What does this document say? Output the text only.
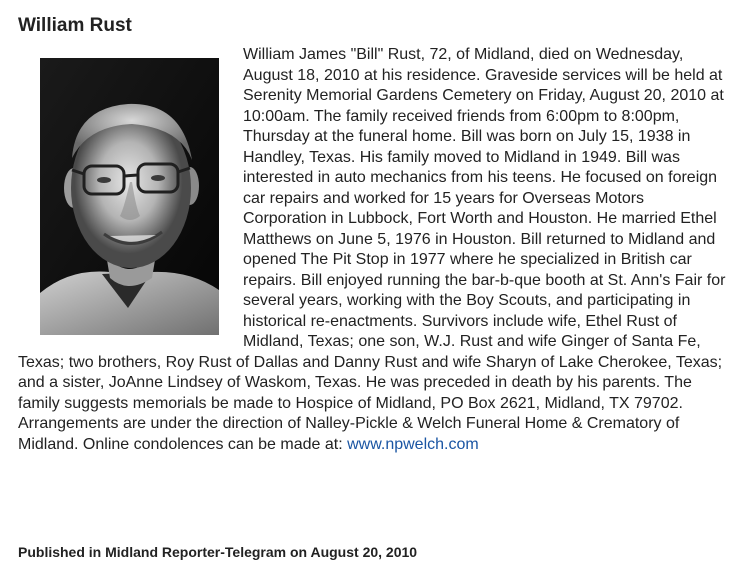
William Rust

William James "Bill" Rust, 72, of Midland, died on Wednesday, August 18, 2010 at his residence. Graveside services will be held at Serenity Memorial Gardens Cemetery on Friday, August 20, 2010 at 10:00am. The family received friends from 6:00pm to 8:00pm, Thursday at the funeral home. Bill was born on July 15, 1938 in Handley, Texas. His family moved to Midland in 1949. Bill was interested in auto mechanics from his teens. He focused on foreign car repairs and worked for 15 years for Overseas Motors Corporation in Lubbock, Fort Worth and Houston. He married Ethel Matthews on June 5, 1976 in Houston. Bill returned to Midland and opened The Pit Stop in 1977 where he specialized in British car repairs. Bill enjoyed running the bar-b-que booth at St. Ann's Fair for several years, working with the Boy Scouts, and participating in historical re-enactments. Survivors include wife, Ethel Rust of Midland, Texas; one son, W.J. Rust and wife Ginger of Santa Fe, Texas; two brothers, Roy Rust of Dallas and Danny Rust and wife Sharyn of Lake Cherokee, Texas; and a sister, JoAnne Lindsey of Waskom, Texas. He was preceded in death by his parents. The family suggests memorials be made to Hospice of Midland, PO Box 2621, Midland, TX 79702. Arrangements are under the direction of Nalley-Pickle & Welch Funeral Home & Crematory of Midland. Online condolences can be made at: www.npwelch.com

Published in Midland Reporter-Telegram on August 20, 2010
